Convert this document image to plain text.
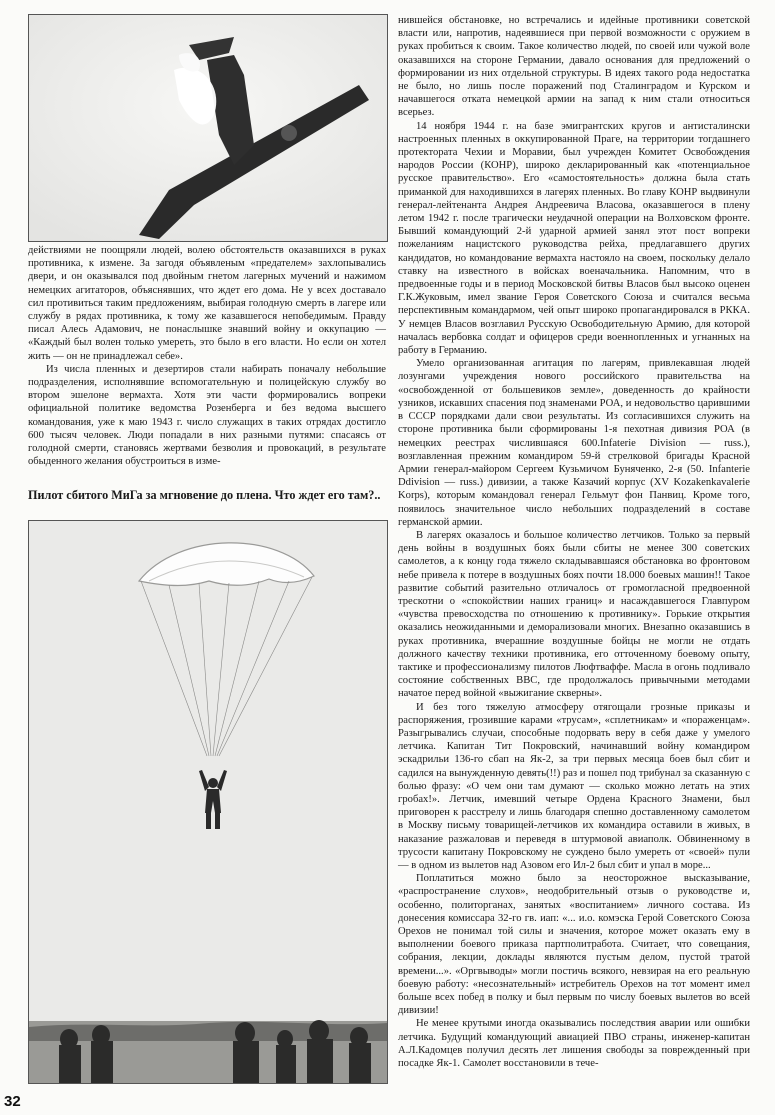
действиями не поощряли людей, волею обстоятельств оказавшихся в руках противника, к измене. За загодя объявленым «предателем» захлопывались двери, и он оказывался под двойным гнетом лагерных мучений и нажимом немецких агитаторов, объяснявших, что ждет его дома. Не у всех доставало сил противиться таким предложениям, выбирая голодную смерть в лагере или службу в рядах противника, к тому же казавшегося непобедимым. Правду писал Алесь Адамович, не понаслышке знавший войну и оккупацию — «Каждый был волен только умереть, это было в его власти. Но если он хотел жить — он не принадлежал себе».

Из числа пленных и дезертиров стали набирать поначалу небольшие подразделения, исполнявшие вспомогательную и полицейскую службу во втором эшелоне вермахта. Хотя эти части формировались вопреки официальной политике ведомства Розенберга и без ведома высшего командования, уже к маю 1943 г. число служащих в таких отрядах достигло 600 тысяч человек. Люди попадали в них разными путями: спасаясь от голодной смерти, становясь жертвами безволия и провокаций, в результате обыденного желания обустроиться в изме-

Пилот сбитого МиГа за мгновение до плена. Что ждет его там?..

нившейся обстановке, но встречались и идейные противники советской власти или, напротив, надеявшиеся при первой возможности с оружием в руках пробиться к своим. Такое количество людей, по своей или чужой воле оказавшихся на стороне Германии, давало основания для предложений о формировании из них отдельной структуры. В идеях такого рода недостатка не было, но лишь после поражений под Сталинградом и Курском и начавшегося отката немецкой армии на запад к ним стали относиться всерьез.

14 ноября 1944 г. на базе эмигрантских кругов и антисталински настроенных пленных в оккупированной Праге, на территории тогдашнего протектората Чехии и Моравии, был учрежден Комитет Освобождения народов России (КОНР), широко декларированный как «потенциальное русское правительство». Его «самостоятельность» должна была стать приманкой для находившихся в лагерях пленных. Во главу КОНР выдвинули генерал-лейтенанта Андрея Андреевича Власова, оказавшегося в плену летом 1942 г. после трагически неудачной операции на Волховском фронте. Бывший командующий 2-й ударной армией занял этот пост вопреки пожеланиям нацистского руководства рейха, предлагавшего других кандидатов, но командование вермахта настояло на своем, поскольку делало ставку на известного в войсках военачальника. Напомним, что в предвоенные годы и в период Московской битвы Власов был высоко оценен Г.К.Жуковым, имел звание Героя Советского Союза и считался весьма перспективным командармом, чей опыт широко пропагандировался в РККА. У немцев Власов возглавил Русскую Освободительную Армию, для которой началась вербовка солдат и офицеров среди военнопленных и угнанных на работу в Германию.

Умело организованная агитация по лагерям, привлекавшая людей лозунгами учреждения нового российского правительства на «освобожденной от большевиков земле», доведенность до крайности узников, искавших спасения под знаменами РОА, и недовольство царившими в СССР порядками дали свои результаты. Из согласившихся служить на стороне противника были сформированы 1-я пехотная дивизия РОА (в немецких реестрах числившаяся 600.Infaterie Division — russ.), возглавленная прежним командиром 59-й стрелковой бригады Красной Армии генерал-майором Сергеем Кузьмичом Буняченко, 2-я (50. Infanterie Ddivision — russ.) дивизии, а также Казачий корпус (XV Kozakenkavalerie Korps), которым командовал генерал Гельмут фон Панвиц. Кроме того, появилось значительное число небольших подразделений в составе германской армии.

В лагерях оказалось и большое количество летчиков. Только за первый день войны в воздушных боях были сбиты не менее 300 советских самолетов, а к концу года тяжело складывавшаяся обстановка во фронтовом небе привела к потере в воздушных боях почти 18.000 боевых машин!! Такое развитие событий разительно отличалось от громогласной предвоенной трескотни о «спокойствии наших границ» и насаждавшегося Главпуром «чувства превосходства по отношению к противнику». Горькие открытия оказались неожиданными и деморализовали многих. Внезапно оказавшись в руках противника, вчерашние воздушные бойцы не могли не отдать должного качеству техники противника, его отточенному боевому опыту, тактике и профессионализму пилотов Люфтваффе. Масла в огонь подливало состояние собственных ВВС, где продолжалось привычными методами начатое перед войной «выжигание скверны».

И без того тяжелую атмосферу отягощали грозные приказы и распоряжения, грозившие карами «трусам», «сплетникам» и «пораженцам». Разыгрывались случаи, способные подорвать веру в себя даже у умелого летчика. Капитан Тит Покровский, начинавший войну командиром эскадрильи 136-го сбап на Як-2, за три первых месяца боев был сбит и садился на вынужденную девять(!!) раз и пошел под трибунал за сказанную с болью фразу: «О чем они там думают — сколько можно летать на этих гробах!». Летчик, имевший четыре Ордена Красного Знамени, был приговорен к расстрелу и лишь благодаря спешно доставленному самолетом в Москву письму товарищей-летчиков их командира оставили в живых, в наказание разжаловав и переведя в штурмовой авиаполк. Обвиненному в трусости капитану Покровскому не суждено было умереть от «своей» пули — в одном из вылетов над Азовом его Ил-2 был сбит и упал в море...

Поплатиться можно было за неосторожное высказывание, «распространение слухов», неодобрительный отзыв о руководстве и, особенно, политорганах, занятых «воспитанием» личного состава. Из донесения комиссара 32-го гв. иап: «... и.о. комэска Герой Советского Союза Орехов не понимал той силы и значения, которое может оказать ему в выполнении боевого приказа партполитработа. Считает, что совещания, собрания, лекции, доклады являются пустым делом, пустой тратой времени...». «Оргвыводы» могли постичь всякого, невзирая на его реальную боевую работу: «несознательный» истребитель Орехов на тот момент имел больше всех побед в полку и был первым по числу боевых вылетов во всей дивизии!

Не менее крутыми иногда оказывались последствия аварии или ошибки летчика. Будущий командующий авиацией ПВО страны, инженер-капитан А.Л.Кадомцев получил десять лет лишения свободы за поврежденный при посадке Як-1. Самолет восстановили в тече-

32
